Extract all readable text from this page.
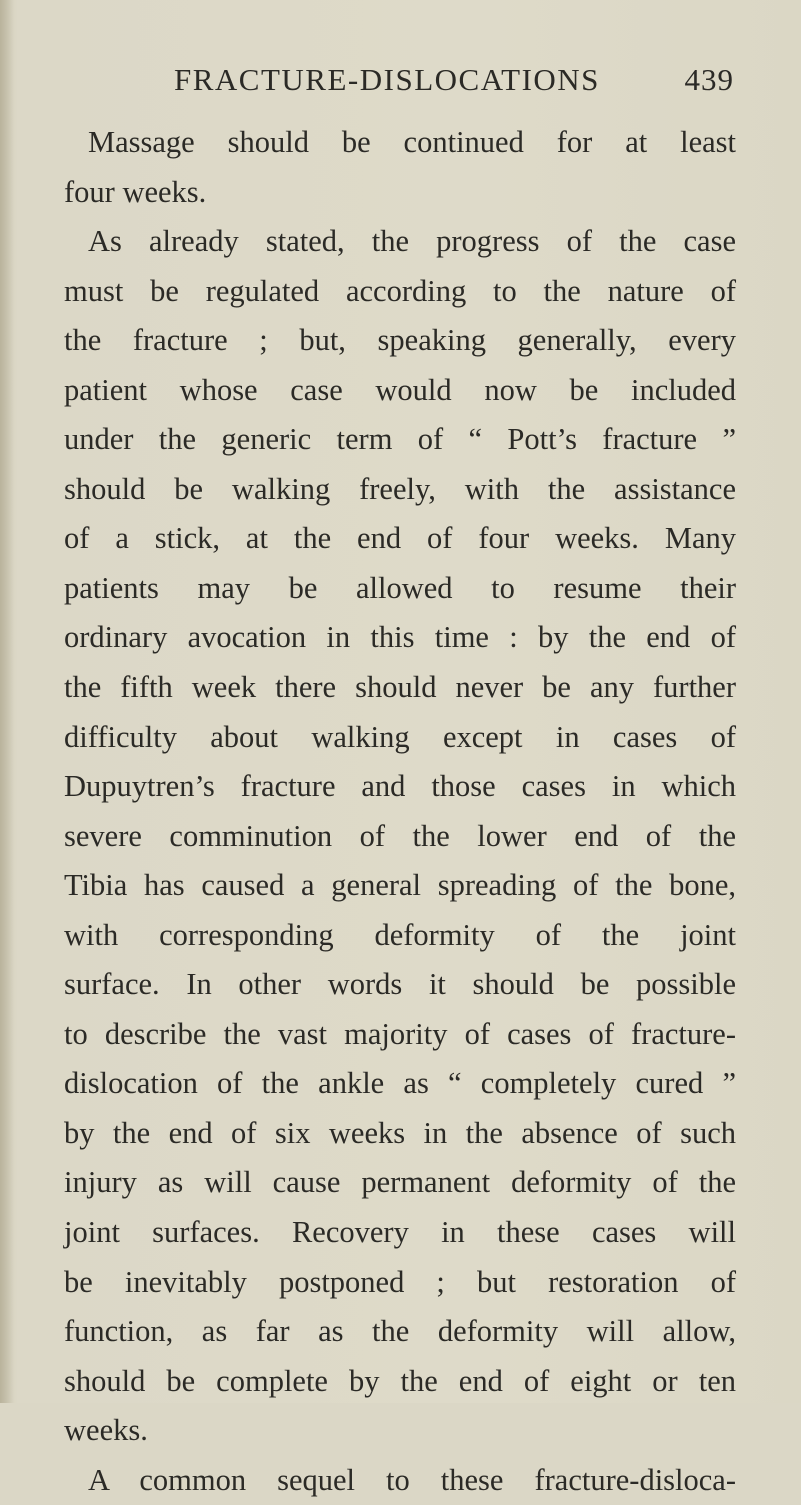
FRACTURE-DISLOCATIONS	439
Massage should be continued for at least
four weeks.
As already stated, the progress of the case
must be regulated according to the nature of
the fracture ; but, speaking generally, every
patient whose case would now be included
under the generic term of “ Pott’s fracture ”
should be walking freely, with the assistance
of a stick, at the end of four weeks. Many
patients may be allowed to resume their
ordinary avocation in this time : by the end of
the fifth week there should never be any further
difficulty about walking except in cases of
Dupuytren’s fracture and those cases in which
severe comminution of the lower end of the
Tibia has caused a general spreading of the bone,
with corresponding deformity of the joint
surface. In other words it should be possible
to describe the vast majority of cases of fracture-
dislocation of the ankle as “ completely cured ”
by the end of six weeks in the absence of such
injury as will cause permanent deformity of the
joint surfaces. Recovery in these cases will
be inevitably postponed ; but restoration of
function, as far as the deformity will allow,
should be complete by the end of eight or ten
weeks.
A common sequel to these fracture-disloca-
